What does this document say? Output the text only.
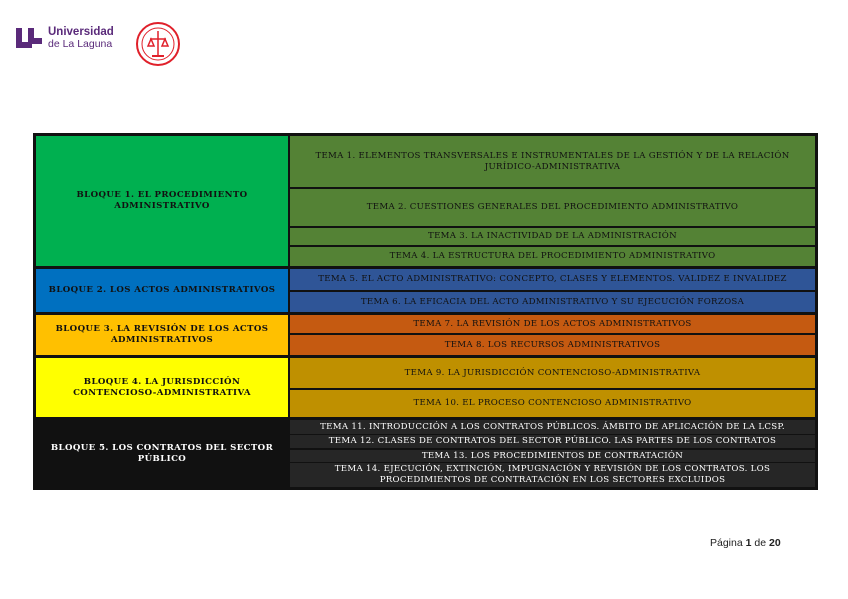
Universidad
de La Laguna
BLOQUE 1. EL PROCEDIMIENTO ADMINISTRATIVO
BLOQUE 2. LOS ACTOS ADMINISTRATIVOS
BLOQUE 3. LA REVISIÓN DE LOS ACTOS ADMINISTRATIVOS
BLOQUE 4. LA JURISDICCIÓN CONTENCIOSO-ADMINISTRATIVA
BLOQUE 5. LOS CONTRATOS DEL SECTOR PÚBLICO
TEMA 1. ELEMENTOS TRANSVERSALES E INSTRUMENTALES DE LA GESTIÓN Y DE LA RELACIÓN JURÍDICO-ADMINISTRATIVA
TEMA 2. CUESTIONES GENERALES DEL PROCEDIMIENTO ADMINISTRATIVO
TEMA 3. LA INACTIVIDAD DE LA ADMINISTRACIÓN
TEMA 4. LA ESTRUCTURA DEL PROCEDIMIENTO ADMINISTRATIVO
TEMA 5. EL ACTO ADMINISTRATIVO: CONCEPTO, CLASES Y ELEMENTOS. VALIDEZ E INVALIDEZ
TEMA 6. LA EFICACIA DEL ACTO ADMINISTRATIVO Y SU EJECUCIÓN FORZOSA
TEMA 7. LA REVISIÓN DE LOS ACTOS ADMINISTRATIVOS
TEMA 8. LOS RECURSOS ADMINISTRATIVOS
TEMA 9. LA JURISDICCIÓN CONTENCIOSO-ADMINISTRATIVA
TEMA 10. EL PROCESO CONTENCIOSO ADMINISTRATIVO
TEMA 11. INTRODUCCIÓN A LOS CONTRATOS PÚBLICOS. ÁMBITO DE APLICACIÓN DE LA LCSP.
TEMA 12. CLASES DE CONTRATOS DEL SECTOR PÚBLICO. LAS PARTES DE LOS CONTRATOS
TEMA 13. LOS PROCEDIMIENTOS DE CONTRATACIÓN
TEMA 14. EJECUCIÓN, EXTINCIÓN, IMPUGNACIÓN Y REVISIÓN DE LOS CONTRATOS. LOS PROCEDIMIENTOS DE CONTRATACIÓN EN LOS SECTORES EXCLUIDOS
Página 1 de 20
